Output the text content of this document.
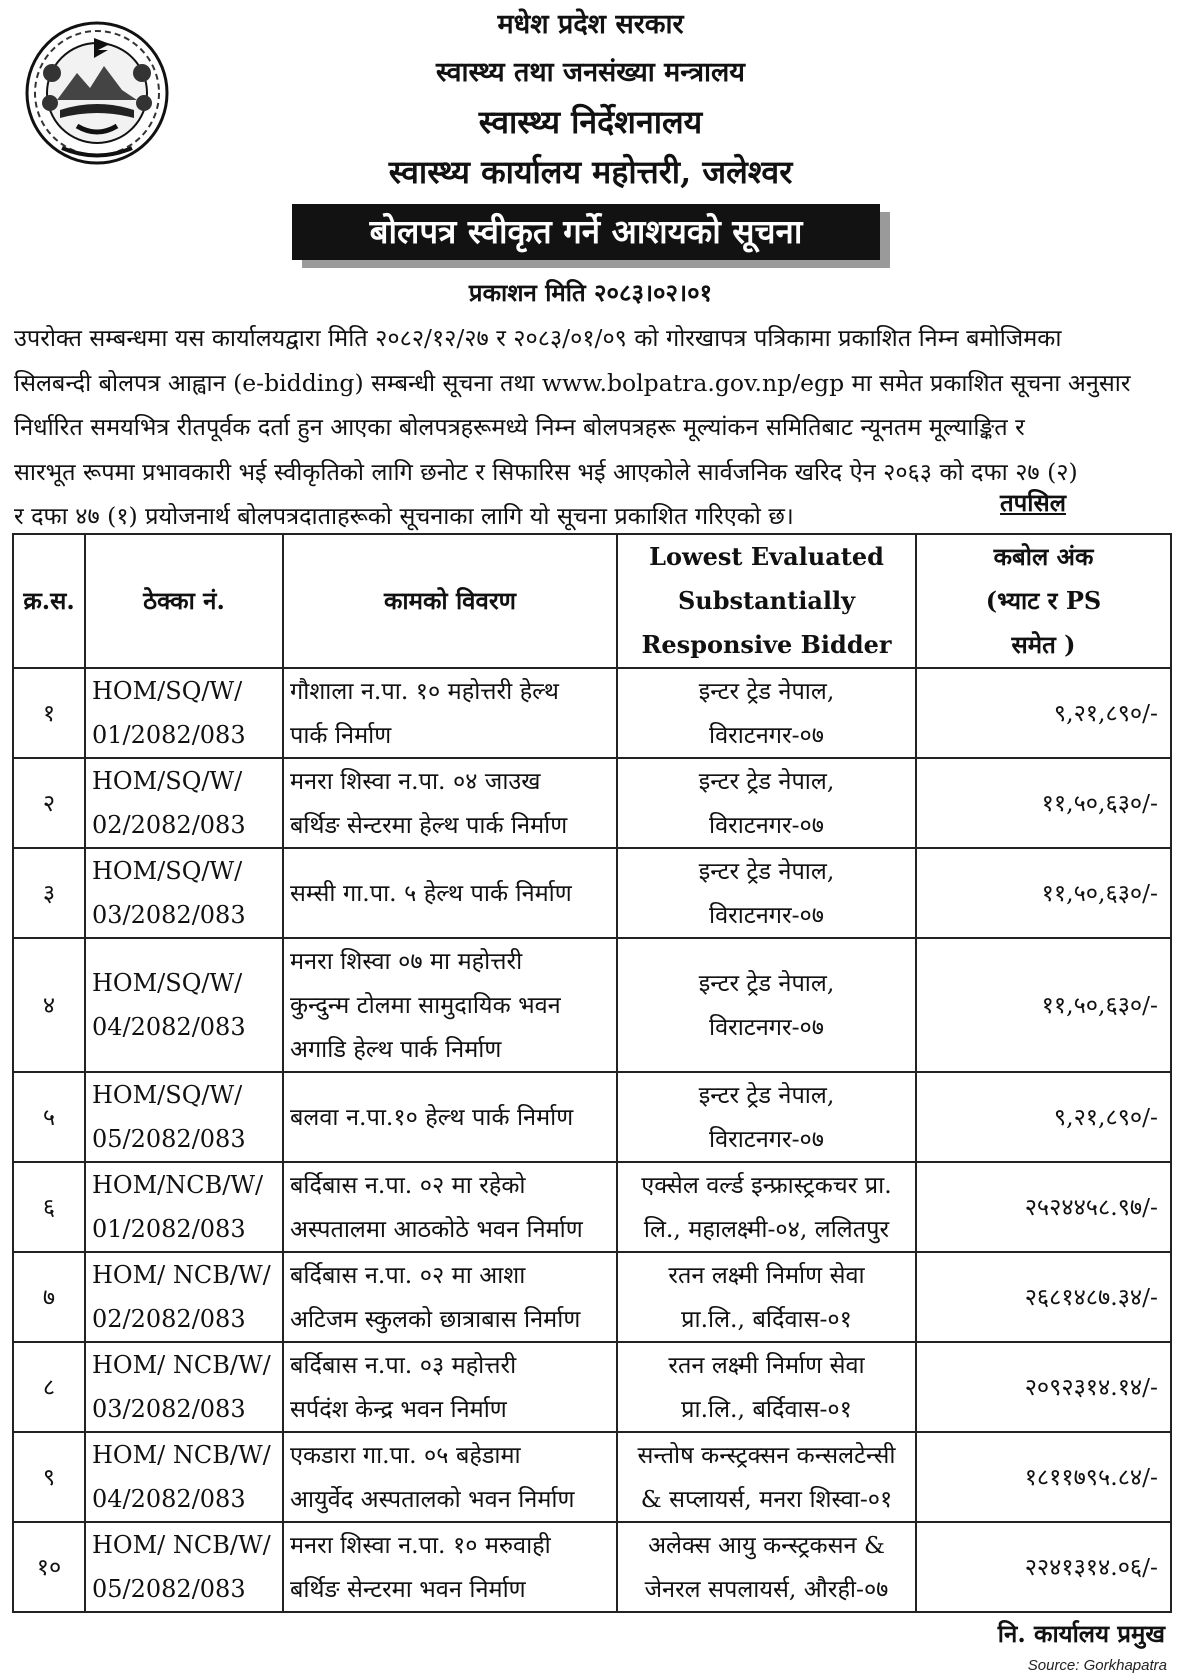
मधेश प्रदेश सरकार
स्वास्थ्य तथा जनसंख्या मन्त्रालय
स्वास्थ्य निर्देशनालय
स्वास्थ्य कार्यालय महोत्तरी, जलेश्वर
बोलपत्र स्वीकृत गर्ने आशयको सूचना
प्रकाशन मिति २०८३।०२।०१
उपरोक्त सम्बन्धमा यस कार्यालयद्वारा मिति २०८२/१२/२७ र २०८३/०१/०९ को गोरखापत्र पत्रिकामा प्रकाशित निम्न बमोजिमका
सिलबन्दी बोलपत्र आह्वान (e-bidding) सम्बन्धी सूचना तथा www.bolpatra.gov.np/egp मा समेत प्रकाशित सूचना अनुसार
निर्धारित समयभित्र रीतपूर्वक दर्ता हुन आएका बोलपत्रहरूमध्ये निम्न बोलपत्रहरू मूल्यांकन समितिबाट न्यूनतम मूल्याङ्कित र
सारभूत रूपमा प्रभावकारी भई स्वीकृतिको लागि छनोट र सिफारिस भई आएकोले सार्वजनिक खरिद ऐन २०६३ को दफा २७ (२)
र दफा ४७ (१) प्रयोजनार्थ बोलपत्रदाताहरूको सूचनाका लागि यो सूचना प्रकाशित गरिएको छ।	तपसिल
क्र.स.	ठेक्का नं.	कामको विवरण	Lowest Evaluated
Substantially
Responsive Bidder	कबोल अंक
(भ्याट र PS
समेत )

१	HOM/SQ/W/
01/2082/083	गौशाला न.पा. १० महोत्तरी हेल्थ
पार्क निर्माण	इन्टर ट्रेड नेपाल,
विराटनगर-०७	९,२१,८९०/-
२	HOM/SQ/W/
02/2082/083	मनरा शिस्वा न.पा. ०४ जाउख
बर्थिङ सेन्टरमा हेल्थ पार्क निर्माण	इन्टर ट्रेड नेपाल,
विराटनगर-०७	११,५०,६३०/-
३	HOM/SQ/W/
03/2082/083	सम्सी गा.पा. ५ हेल्थ पार्क निर्माण	इन्टर ट्रेड नेपाल,
विराटनगर-०७	११,५०,६३०/-
४	HOM/SQ/W/
04/2082/083	मनरा शिस्वा ०७ मा महोत्तरी
कुन्दुन्म टोलमा सामुदायिक भवन
अगाडि हेल्थ पार्क निर्माण	इन्टर ट्रेड नेपाल,
विराटनगर-०७	११,५०,६३०/-
५	HOM/SQ/W/
05/2082/083	बलवा न.पा.१० हेल्थ पार्क निर्माण	इन्टर ट्रेड नेपाल,
विराटनगर-०७	९,२१,८९०/-
६	HOM/NCB/W/
01/2082/083	बर्दिबास न.पा. ०२ मा रहेको
अस्पतालमा आठकोठे भवन निर्माण	एक्सेल वर्ल्ड इन्फ्रास्ट्रकचर प्रा.
लि., महालक्ष्मी-०४, ललितपुर	२५२४४५८.९७/-
७	HOM/ NCB/W/
02/2082/083	बर्दिबास न.पा. ०२ मा आशा
अटिजम स्कुलको छात्राबास निर्माण	रतन लक्ष्मी निर्माण सेवा
प्रा.लि., बर्दिवास-०१	२६८१४८७.३४/-
८	HOM/ NCB/W/
03/2082/083	बर्दिबास न.पा. ०३ महोत्तरी
सर्पदंश केन्द्र भवन निर्माण	रतन लक्ष्मी निर्माण सेवा
प्रा.लि., बर्दिवास-०१	२०९२३१४.१४/-
९	HOM/ NCB/W/
04/2082/083	एकडारा गा.पा. ०५ बहेडामा
आयुर्वेद अस्पतालको भवन निर्माण	सन्तोष कन्स्ट्रक्सन कन्सलटेन्सी
& सप्लायर्स, मनरा शिस्वा-०१	१८११७९५.८४/-
१०	HOM/ NCB/W/
05/2082/083	मनरा शिस्वा न.पा. १० मरुवाही
बर्थिङ सेन्टरमा भवन निर्माण	अलेक्स आयु कन्स्ट्रकसन &
जेनरल सपलायर्स, औरही-०७	२२४१३१४.०६/-
नि. कार्यालय प्रमुख
Source: Gorkhapatra
